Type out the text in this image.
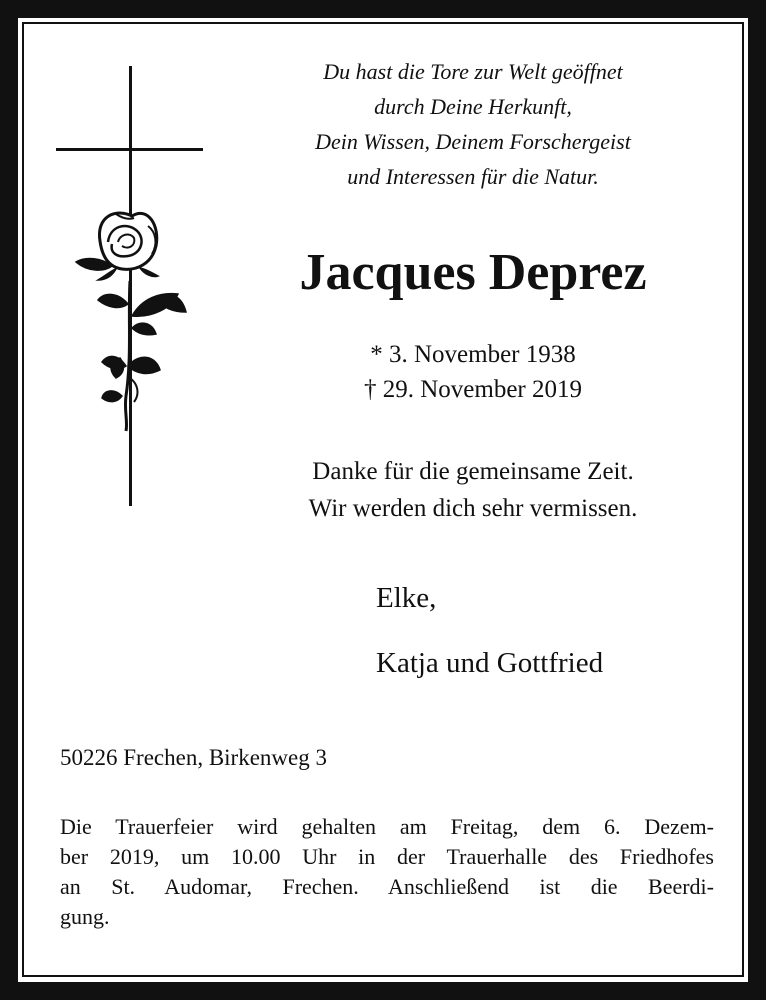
Du hast die Tore zur Welt geöffnet
durch Deine Herkunft,
Dein Wissen, Deinem Forschergeist
und Interessen für die Natur.
Jacques Deprez
* 3. November 1938
† 29. November 2019
Danke für die gemeinsame Zeit.
Wir werden dich sehr vermissen.
Elke,
Katja und Gottfried
50226 Frechen, Birkenweg 3
Die Trauerfeier wird gehalten am Freitag, dem 6. Dezem-
ber 2019, um 10.00 Uhr in der Trauerhalle des Friedhofes
an St. Audomar, Frechen. Anschließend ist die Beerdi-
gung.
